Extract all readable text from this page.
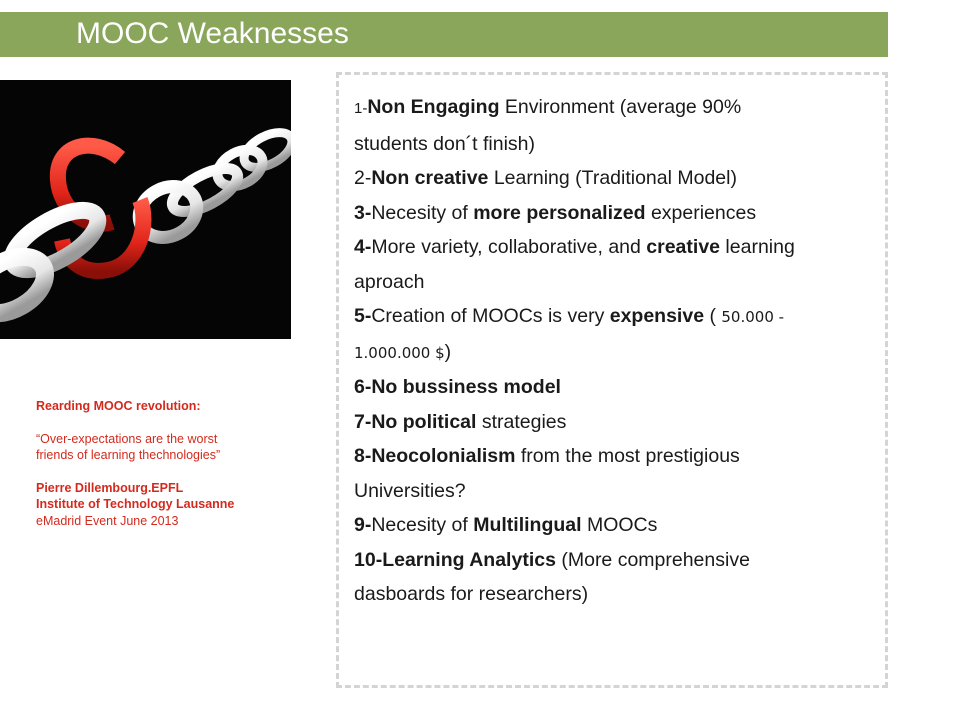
MOOC Weaknesses

Rearding MOOC revolution:

“Over-expectations are the worst

friends of learning thechnologies”

Pierre Dillembourg.EPFL

Institute of Technology Lausanne

eMadrid Event June 2013

1-Non Engaging Environment (average 90%
students don´t finish)
2-Non creative Learning (Traditional Model)
3-Necesity of more personalized experiences
4-More variety, collaborative, and creative learning
aproach
5-Creation of MOOCs is very expensive ( 50.000 -
1.000.000 $)
6-No bussiness model
7-No political strategies
8-Neocolonialism from the most prestigious
Universities?
9-Necesity of Multilingual MOOCs
10-Learning Analytics (More comprehensive
dasboards for researchers)
